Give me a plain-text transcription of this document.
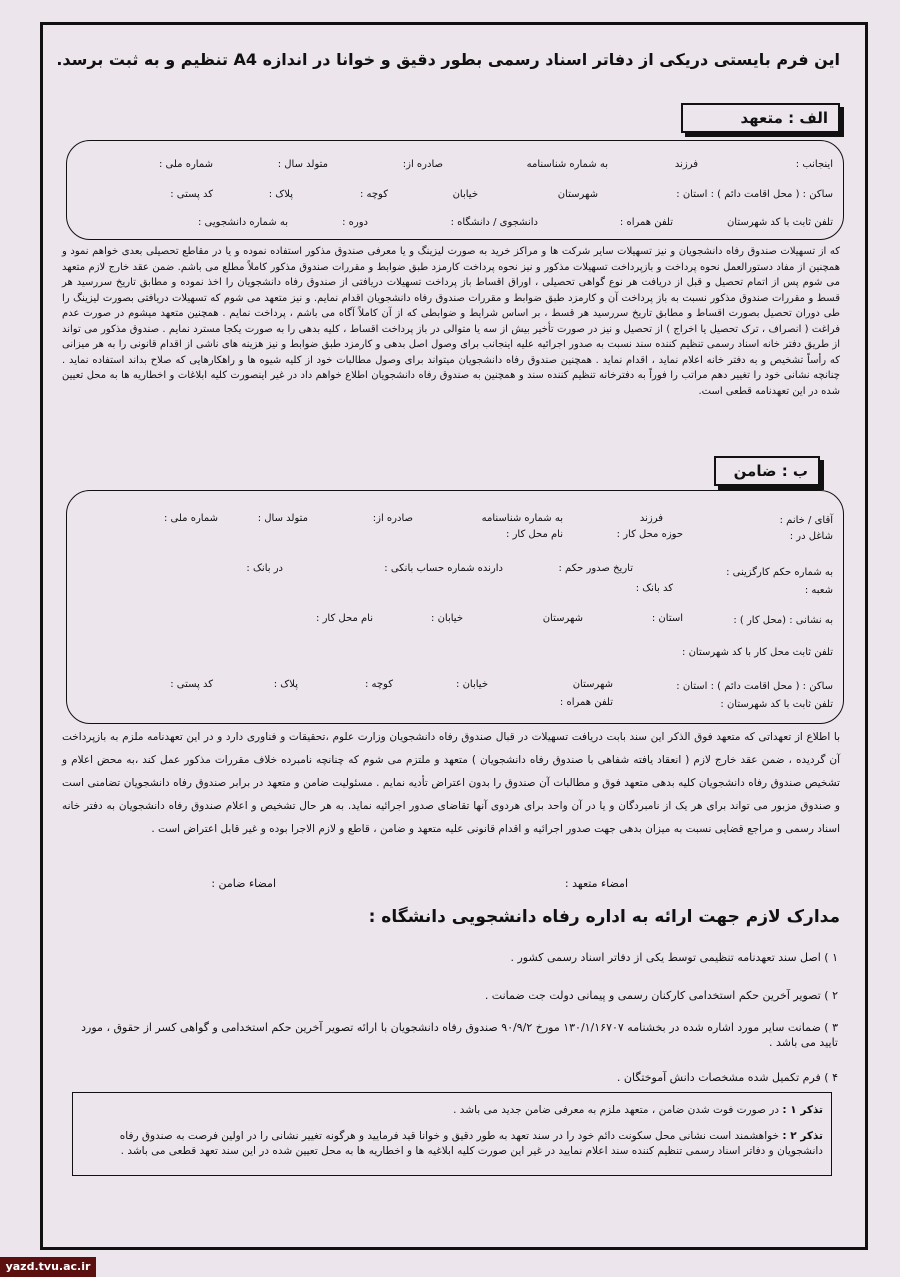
این فرم بایستی دریکی از دفاتر اسناد رسمی بطور دقیق و خوانا در اندازه A4 تنظیم و به ثبت برسد.
الف : متعهد
اینجانب :
فرزند
به شماره شناسنامه
صادره از:
متولد سال :
شماره ملی :
ساکن : ( محل اقامت دائم ) : استان :
شهرستان
خیابان
کوچه :
پلاک :
کد پستی :
تلفن ثابت با کد شهرستان
تلفن همراه :
دانشجوی / دانشگاه :
دوره :
به شماره دانشجویی :
که از تسهیلات صندوق رفاه دانشجویان و نیز تسهیلات سایر شرکت ها و مراکز خرید به صورت لیزینگ و یا معرفی صندوق مذکور استفاده نموده و یا در مقاطع تحصیلی بعدی خواهم نمود و همچنین از مفاد دستورالعمل نحوه پرداخت و بازپرداخت تسهیلات مذکور و نیز نحوه پرداخت کارمزد طبق ضوابط و مقررات صندوق مذکور کاملاً مطلع می باشم. ضمن عقد خارج لازم متعهد می شوم پس از اتمام تحصیل و قبل از دریافت هر نوع گواهی تحصیلی ، اوراق اقساط باز پرداخت تسهیلات دریافتی از صندوق رفاه دانشجویان را اخذ نموده و مطابق تاریخ سررسید هر قسط و مقررات صندوق مذکور نسبت به باز پرداخت آن و کارمزد طبق ضوابط و مقررات صندوق رفاه دانشجویان اقدام نمایم. و نیز متعهد می شوم که تسهیلات دریافتی بصورت لیزینگ را طی دوران تحصیل بصورت اقساط و مطابق تاریخ سررسید هر قسط ، بر اساس شرایط و ضوابطی که از آن کاملاً آگاه می باشم ، پرداخت نمایم . همچنین متعهد میشوم در صورت عدم فراغت ( انصراف ، ترک تحصیل یا اخراج ) از تحصیل و نیز در صورت تأخیر بیش از سه یا متوالی در باز پرداخت اقساط ، کلیه بدهی را به صورت یکجا مسترد نمایم . صندوق مذکور می تواند از طریق دفتر خانه اسناد رسمی تنظیم کننده سند نسبت به صدور اجرائیه علیه اینجانب برای وصول اصل بدهی و کارمزد طبق ضوابط و نیز هزینه های ناشی از اقدام قانونی را به هر میزانی که رأساً تشخیص و به دفتر خانه اعلام نماید ، اقدام نماید . همچنین صندوق رفاه دانشجویان میتواند برای وصول مطالبات خود از کلیه شیوه ها و راهکارهایی که صلاح بداند استفاده نماید . چنانچه نشانی خود را تغییر دهم مراتب را فوراً به دفترخانه تنظیم کننده سند و همچنین به صندوق رفاه دانشجویان اطلاع خواهم داد در غیر اینصورت کلیه ابلاغات و اخطاریه ها به محل تعیین شده در این تعهدنامه قطعی است.
ب : ضامن
آقای / خانم :
فرزند
به شماره شناسنامه
صادره از:
متولد سال :
شماره ملی :
شاغل در :
حوزه محل کار :
نام محل کار :
به شماره حکم کارگزینی :
تاریخ صدور حکم :
دارنده شماره حساب بانکی :
در بانک :
شعبه :
کد بانک :
به نشانی : (محل کار ) :
استان :
شهرستان
خیابان :
نام محل کار :
تلفن ثابت محل کار با کد شهرستان :
ساکن : ( محل اقامت دائم ) : استان :
شهرستان
خیابان :
کوچه :
پلاک :
کد پستی :
تلفن ثابت با کد شهرستان :
تلفن همراه :
با اطلاع از تعهداتی که متعهد فوق الذکر این سند بابت دریافت تسهیلات در قبال صندوق رفاه دانشجویان وزارت علوم ،تحقیقات و فناوری دارد و در این تعهدنامه ملزم به بازپرداخت آن گردیده ، ضمن عقد خارج لازم ( انعقاد یافته شفاهی با صندوق رفاه دانشجویان ) متعهد و ملتزم می شوم که چنانچه نامبرده خلاف مقررات مذکور عمل کند ،به محض اعلام و تشخیص صندوق رفاه دانشجویان کلیه بدهی متعهد فوق و مطالبات آن صندوق را بدون اعتراض تأدیه نمایم . مسئولیت ضامن و متعهد در برابر صندوق رفاه دانشجویان تضامنی است و صندوق مزبور می تواند برای هر یک از نامبردگان و یا در آن واحد برای هردوی آنها تقاضای صدور اجرائیه نماید. به هر حال تشخیص و اعلام صندوق رفاه دانشجویان به دفتر خانه اسناد رسمی و مراجع قضایی نسبت به میزان بدهی جهت صدور اجرائیه و اقدام قانونی علیه متعهد و ضامن ، قاطع و لازم الاجرا بوده و غیر قابل اعتراض است .
امضاء متعهد :
امضاء ضامن :
مدارک لازم جهت ارائه به اداره رفاه دانشجویی دانشگاه :
۱ ) اصل سند تعهدنامه تنظیمی توسط یکی از دفاتر اسناد رسمی کشور .
۲ ) تصویر آخرین حکم استخدامی کارکنان رسمی و پیمانی دولت جت ضمانت .
۳ ) ضمانت سایر مورد اشاره شده در بخشنامه ۱۳۰/۱/۱۶۷۰۷ مورخ ۹۰/۹/۲ صندوق رفاه دانشجویان با ارائه تصویر آخرین حکم استخدامی و گواهی کسر از حقوق ، مورد تایید می باشد .
۴ ) فرم تکمیل شده مشخصات دانش آموختگان .
تذکر ۱ : در صورت فوت شدن ضامن ، متعهد ملزم به معرفی ضامن جدید می باشد .
تذکر ۲ : خواهشمند است نشانی محل سکونت دائم خود را در سند تعهد به طور دقیق و خوانا قید فرمایید و هرگونه تغییر نشانی را در اولین فرصت به صندوق رفاه دانشجویان و دفاتر اسناد رسمی تنظیم کننده سند اعلام نمایید در غیر این صورت کلیه ابلاغیه ها و اخطاریه ها به محل تعیین شده در این سند تعهد قطعی می باشد .
yazd.tvu.ac.ir
